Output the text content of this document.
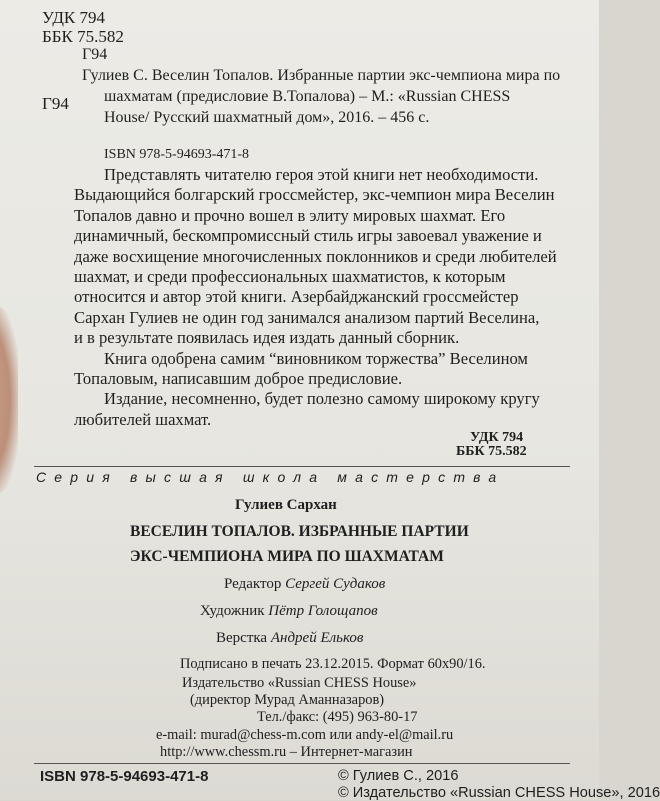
УДК 794
ББК 75.582
Г94
Г94
Гулиев С. Веселин Топалов. Избранные партии экс-чемпиона мира по
шахматам (предисловие В.Топалова) – М.: «Russian CHESS
House/ Русский шахматный дом», 2016. – 456 с.
ISBN 978-5-94693-471-8
Представлять читателю героя этой книги нет необходимости.
Выдающийся болгарский гроссмейстер, экс-чемпион мира Веселин
Топалов давно и прочно вошел в элиту мировых шахмат. Его
динамичный, бескомпромиссный стиль игры завоевал уважение и
даже восхищение многочисленных поклонников и среди любителей
шахмат, и среди профессиональных шахматистов, к которым
относится и автор этой книги. Азербайджанский гроссмейстер
Сархан Гулиев не один год занимался анализом партий Веселина,
и в результате появилась идея издать данный сборник.
Книга одобрена самим “виновником торжества” Веселином
Топаловым, написавшим доброе предисловие.
Издание, несомненно, будет полезно самому широкому кругу
любителей шахмат.
УДК 794
ББК 75.582
Серия высшая школа мастерства
Гулиев Сархан
ВЕСЕЛИН ТОПАЛОВ. ИЗБРАННЫЕ ПАРТИИ
ЭКС-ЧЕМПИОНА МИРА ПО ШАХМАТАМ
Редактор Сергей Судаков
Художник Пётр Голощапов
Верстка Андрей Ельков
Подписано в печать 23.12.2015. Формат 60х90/16.
Издательство «Russian CHESS House»
(директор Мурад Аманназаров)
Тел./факс: (495) 963-80-17
e-mail: murad@chess-m.com или andy-el@mail.ru
http://www.chessm.ru – Интернет-магазин
ISBN 978-5-94693-471-8	© Гулиев С., 2016
© Издательство «Russian CHESS House», 2016
